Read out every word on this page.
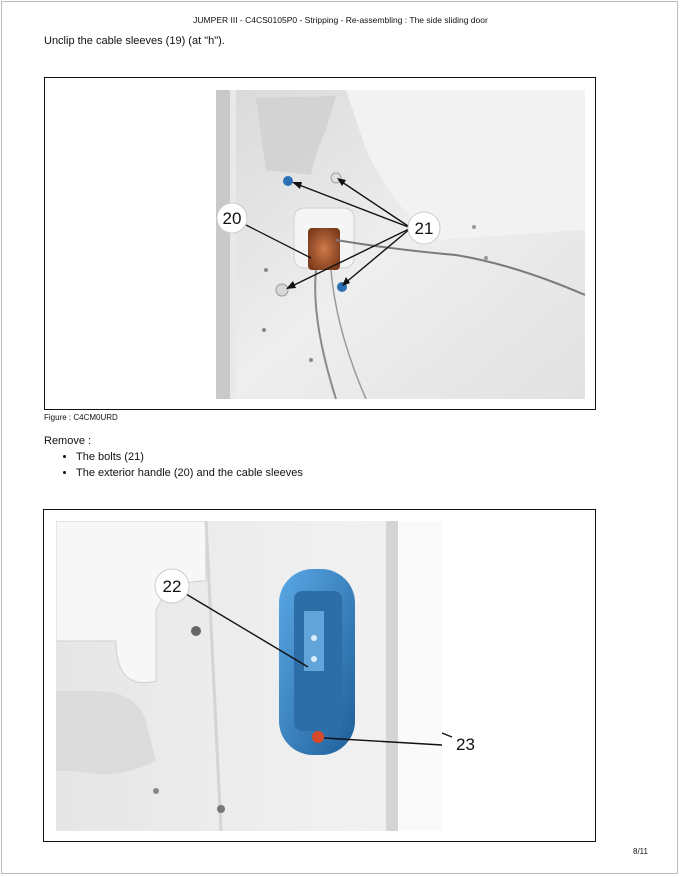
JUMPER III - C4CS0105P0 - Stripping - Re-assembling : The side sliding door
Unclip the cable sleeves (19) (at "h").
20
21
Figure : C4CM0URD
Remove :
• The bolts (21)
• The exterior handle (20) and the cable sleeves
22
23
8/11
